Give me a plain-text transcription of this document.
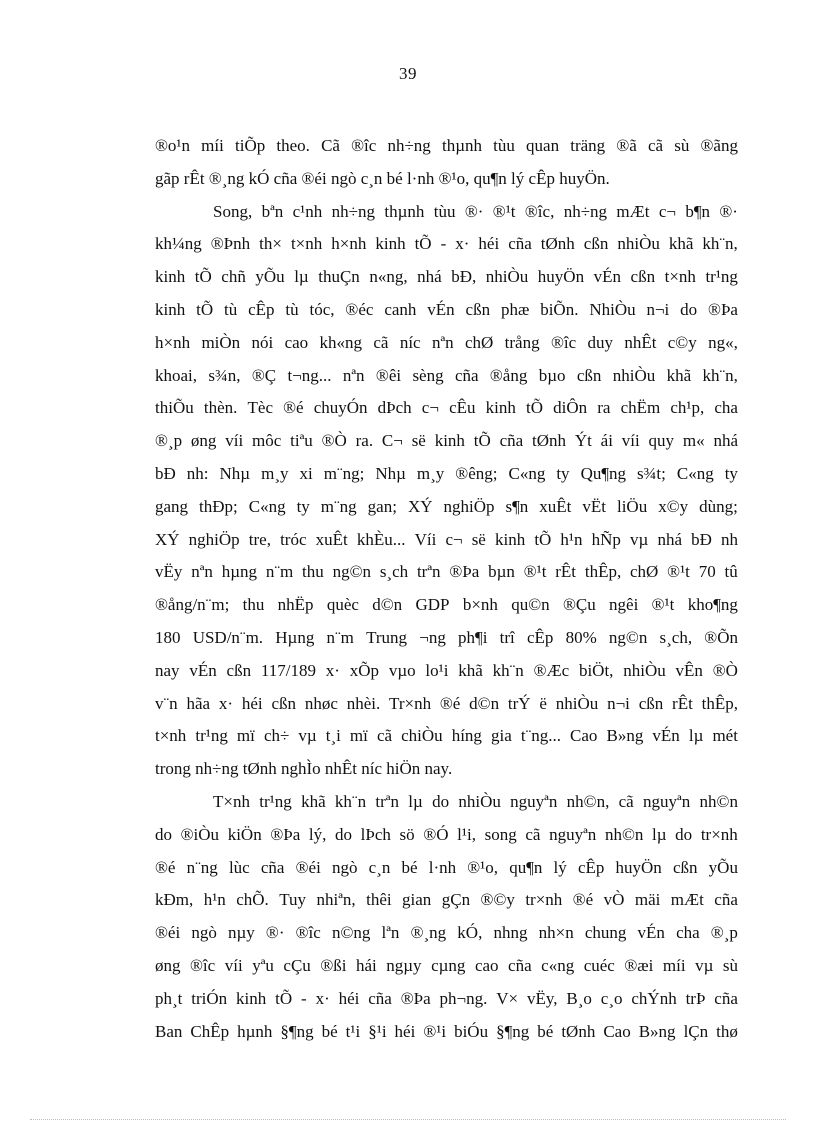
39
®o¹n míi tiÕp theo. Cã ®îc nh÷ng thµnh tùu quan träng ®ã cã sù ®ãng
gãp rÊt ®¸ng kÓ cña ®éi ngò c¸n bé l·nh ®¹o, qu¶n lý cÊp huyÖn.
Song, bªn c¹nh nh÷ng thµnh tùu ®· ®¹t ®îc, nh÷ng mÆt c¬ b¶n ®·
kh¼ng ®Þnh th× t×nh h×nh kinh tÕ - x· héi cña tØnh cßn nhiÒu khã kh¨n,
kinh tÕ chñ yÕu lµ thuÇn n«ng, nhá bÐ, nhiÒu huyÖn vÉn cßn t×nh tr¹ng
kinh tÕ tù cÊp tù tóc, ®éc canh vÉn cßn phæ biÕn. NhiÒu n¬i do ®Þa
h×nh miÒn nói cao kh«ng cã níc nªn chØ trång ®îc duy nhÊt c©y ng«,
khoai, s¾n, ®Ç t¬ng... nªn ®êi sèng cña ®ång bµo cßn nhiÒu khã kh¨n,
thiÕu thèn. Tèc ®é chuyÓn dÞch c¬ cÊu kinh tÕ diÔn ra chËm ch¹p, cha
®¸p øng víi môc tiªu ®Ò ra. C¬ së kinh tÕ cña tØnh Ýt ái víi quy m« nhá
bÐ nh: Nhµ m¸y xi m¨ng; Nhµ m¸y ®êng; C«ng ty Qu¶ng s¾t; C«ng ty
gang thÐp; C«ng ty m¨ng gan; XÝ nghiÖp s¶n xuÊt vËt liÖu x©y dùng;
XÝ nghiÖp tre, tróc xuÊt khÈu... Víi c¬ së kinh tÕ h¹n hÑp vµ nhá bÐ nh
vËy nªn hµng n¨m thu ng©n s¸ch trªn ®Þa bµn ®¹t rÊt thÊp, chØ ®¹t 70 tû
®ång/n¨m; thu nhËp quèc d©n GDP b×nh qu©n ®Çu ngêi ®¹t kho¶ng
180 USD/n¨m. Hµng n¨m Trung ¬ng ph¶i trî cÊp 80% ng©n s¸ch, ®Õn
nay vÉn cßn 117/189 x· xÕp vµo lo¹i khã kh¨n ®Æc biÖt, nhiÒu vÊn ®Ò
v¨n hãa x· héi cßn nhøc nhèi. Tr×nh ®é d©n trÝ ë nhiÒu n¬i cßn rÊt thÊp,
t×nh tr¹ng mï ch÷ vµ t¸i mï cã chiÒu híng gia t¨ng... Cao B»ng vÉn lµ mét
trong nh÷ng tØnh nghÌo nhÊt níc hiÖn nay.
T×nh tr¹ng khã kh¨n trªn lµ do nhiÒu nguyªn nh©n, cã nguyªn nh©n
do ®iÒu kiÖn ®Þa lý, do lÞch sö ®Ó l¹i, song cã nguyªn nh©n lµ do tr×nh
®é n¨ng lùc cña ®éi ngò c¸n bé l·nh ®¹o, qu¶n lý cÊp huyÖn cßn yÕu
kÐm, h¹n chÕ. Tuy nhiªn, thêi gian gÇn ®©y tr×nh ®é vÒ mäi mÆt cña
®éi ngò nµy ®· ®îc n©ng lªn ®¸ng kÓ, nhng nh×n chung vÉn cha ®¸p
øng ®îc víi yªu cÇu ®ßi hái ngµy cµng cao cña c«ng cuéc ®æi míi vµ sù
ph¸t triÓn kinh tÕ - x· héi cña ®Þa ph¬ng. V× vËy, B¸o c¸o chÝnh trÞ cña
Ban ChÊp hµnh §¶ng bé t¹i §¹i héi ®¹i biÓu §¶ng bé tØnh Cao B»ng lÇn thø
